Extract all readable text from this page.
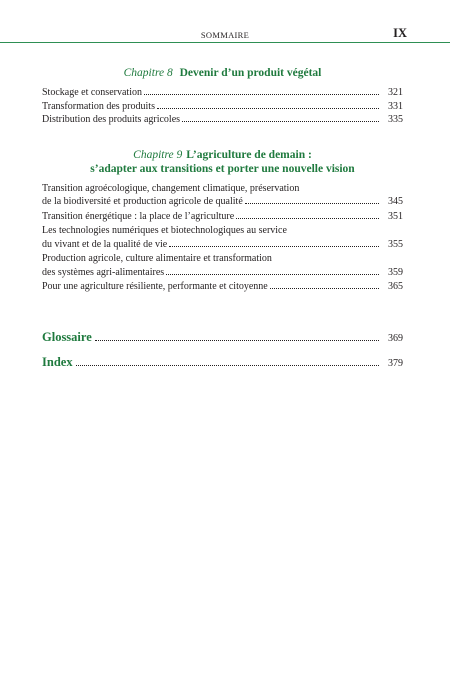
SOMMAIRE	IX
Chapitre 8 Devenir d’un produit végétal
Stockage et conservation	321
Transformation des produits	331
Distribution des produits agricoles	335
Chapitre 9 L’agriculture de demain :
s’adapter aux transitions et porter une nouvelle vision
Transition agroécologique, changement climatique, préservation
de la biodiversité et production agricole de qualité	345
Transition énergétique : la place de l’agriculture	351
Les technologies numériques et biotechnologiques au service
du vivant et de la qualité de vie	355
Production agricole, culture alimentaire et transformation
des systèmes agri-alimentaires	359
Pour une agriculture résiliente, performante et citoyenne	365
Glossaire	369
Index	379
